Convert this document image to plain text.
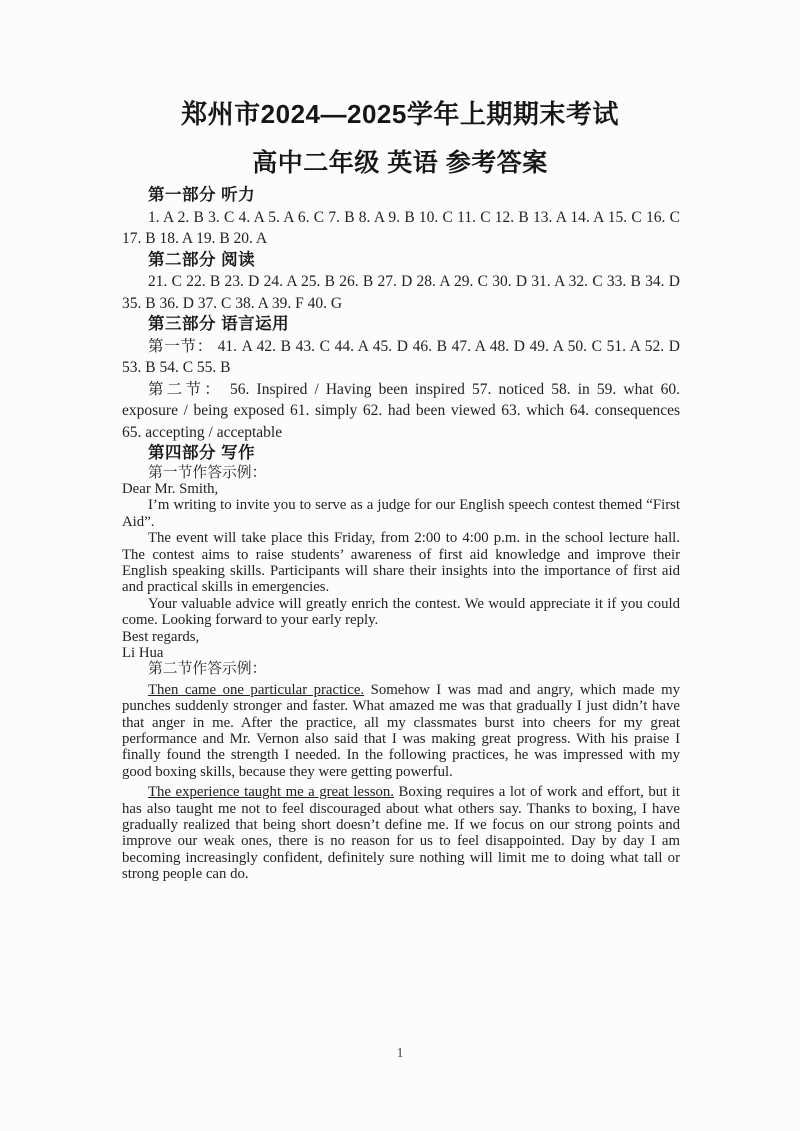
郑州市2024—2025学年上期期末考试
高中二年级 英语 参考答案
第一部分 听力

1. A 2. B 3. C 4. A 5. A 6. C 7. B 8. A 9. B 10. C 11. C 12. B 13. A 14. A 15. C 16. C 17. B 18. A 19. B 20. A

第二部分 阅读

21. C 22. B 23. D 24. A 25. B 26. B 27. D 28. A 29. C 30. D 31. A 32. C 33. B 34. D 35. B 36. D 37. C 38. A 39. F 40. G

第三部分 语言运用

第一节： 41. A 42. B 43. C 44. A 45. D 46. B 47. A 48. D 49. A 50. C 51. A 52. D 53. B 54. C 55. B

第二节： 56. Inspired / Having been inspired 57. noticed 58. in 59. what 60. exposure / being exposed 61. simply 62. had been viewed 63. which 64. consequences 65. accepting / acceptable

第四部分 写作

第一节作答示例：

Dear Mr. Smith,

I’m writing to invite you to serve as a judge for our English speech contest themed “First Aid”.

The event will take place this Friday, from 2:00 to 4:00 p.m. in the school lecture hall. The contest aims to raise students’ awareness of first aid knowledge and improve their English speaking skills. Participants will share their insights into the importance of first aid and practical skills in emergencies.

Your valuable advice will greatly enrich the contest. We would appreciate it if you could come. Looking forward to your early reply.

Best regards,

Li Hua

第二节作答示例：

Then came one particular practice. Somehow I was mad and angry, which made my punches suddenly stronger and faster. What amazed me was that gradually I just didn’t have that anger in me. After the practice, all my classmates burst into cheers for my great performance and Mr. Vernon also said that I was making great progress. With his praise I finally found the strength I needed. In the following practices, he was impressed with my good boxing skills, because they were getting powerful.

The experience taught me a great lesson. Boxing requires a lot of work and effort, but it has also taught me not to feel discouraged about what others say. Thanks to boxing, I have gradually realized that being short doesn’t define me. If we focus on our strong points and improve our weak ones, there is no reason for us to feel disappointed. Day by day I am becoming increasingly confident, definitely sure nothing will limit me to doing what tall or strong people can do.

1
